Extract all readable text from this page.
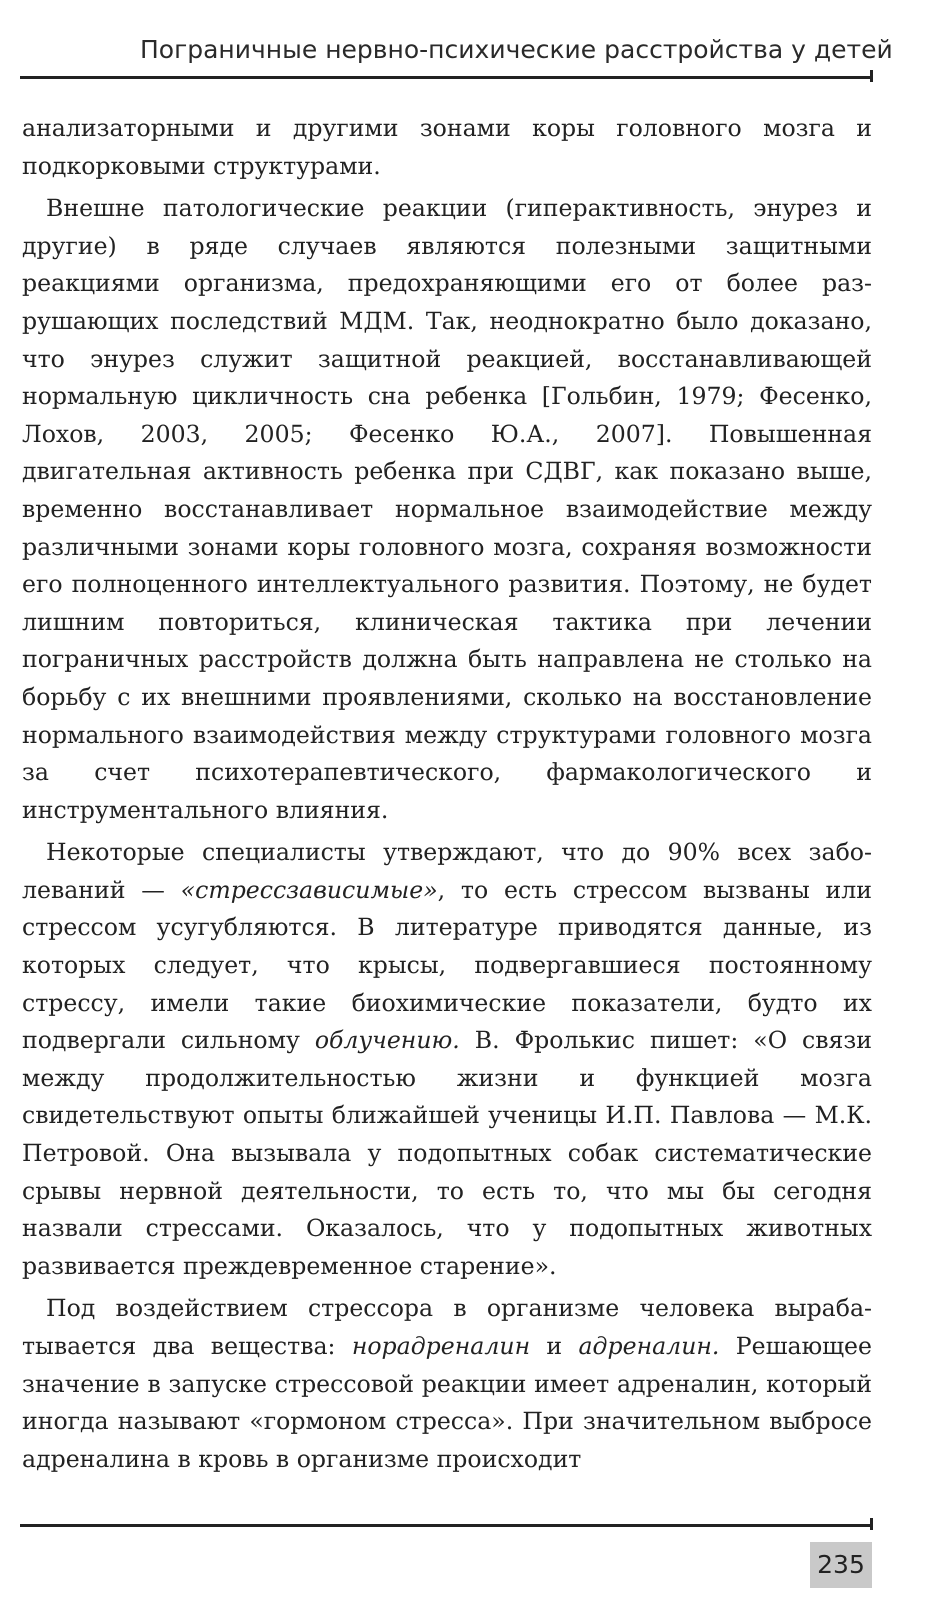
Пограничные нервно-психические расстройства у детей

анализаторными и другими зонами коры головного мозга и подкорковыми структурами.

Внешне патологические реакции (гиперактивность, энурез и другие) в ряде случаев являются полезными защитными реакциями организма, предохраняющими его от более разрушающих последствий МДМ. Так, неоднократно было доказано, что энурез служит защитной реакцией, восстанавливающей нормальную цикличность сна ребенка [Гольбин, 1979; Фесенко, Лохов, 2003, 2005; Фесенко Ю.А., 2007]. Повышенная двигательная активность ребенка при СДВГ, как показано выше, временно восстанавливает нормальное взаимодействие между различными зонами коры головного мозга, сохраняя возможности его полноценного интеллектуального развития. Поэтому, не будет лишним повториться, клиническая тактика при лечении пограничных расстройств должна быть направлена не столько на борьбу с их внешними проявлениями, сколько на восстановление нормального взаимодействия между структурами головного мозга за счет психотерапевтического, фармакологического и инструментального влияния.

Некоторые специалисты утверждают, что до 90% всех заболеваний — «стрессзависимые», то есть стрессом вызваны или стрессом усугубляются. В литературе приводятся данные, из которых следует, что крысы, подвергавшиеся постоянному стрессу, имели такие биохимические показатели, будто их подвергали сильному облучению. В. Фролькис пишет: «О связи между продолжительностью жизни и функцией мозга свидетельствуют опыты ближайшей ученицы И.П. Павлова — М.К. Петровой. Она вызывала у подопытных собак систематические срывы нервной деятельности, то есть то, что мы бы сегодня назвали стрессами. Оказалось, что у подопытных животных развивается преждевременное старение».

Под воздействием стрессора в организме человека вырабатывается два вещества: норадреналин и адреналин. Решающее значение в запуске стрессовой реакции имеет адреналин, который иногда называют «гормоном стресса». При значительном выбросе адреналина в кровь в организме происходит

235
